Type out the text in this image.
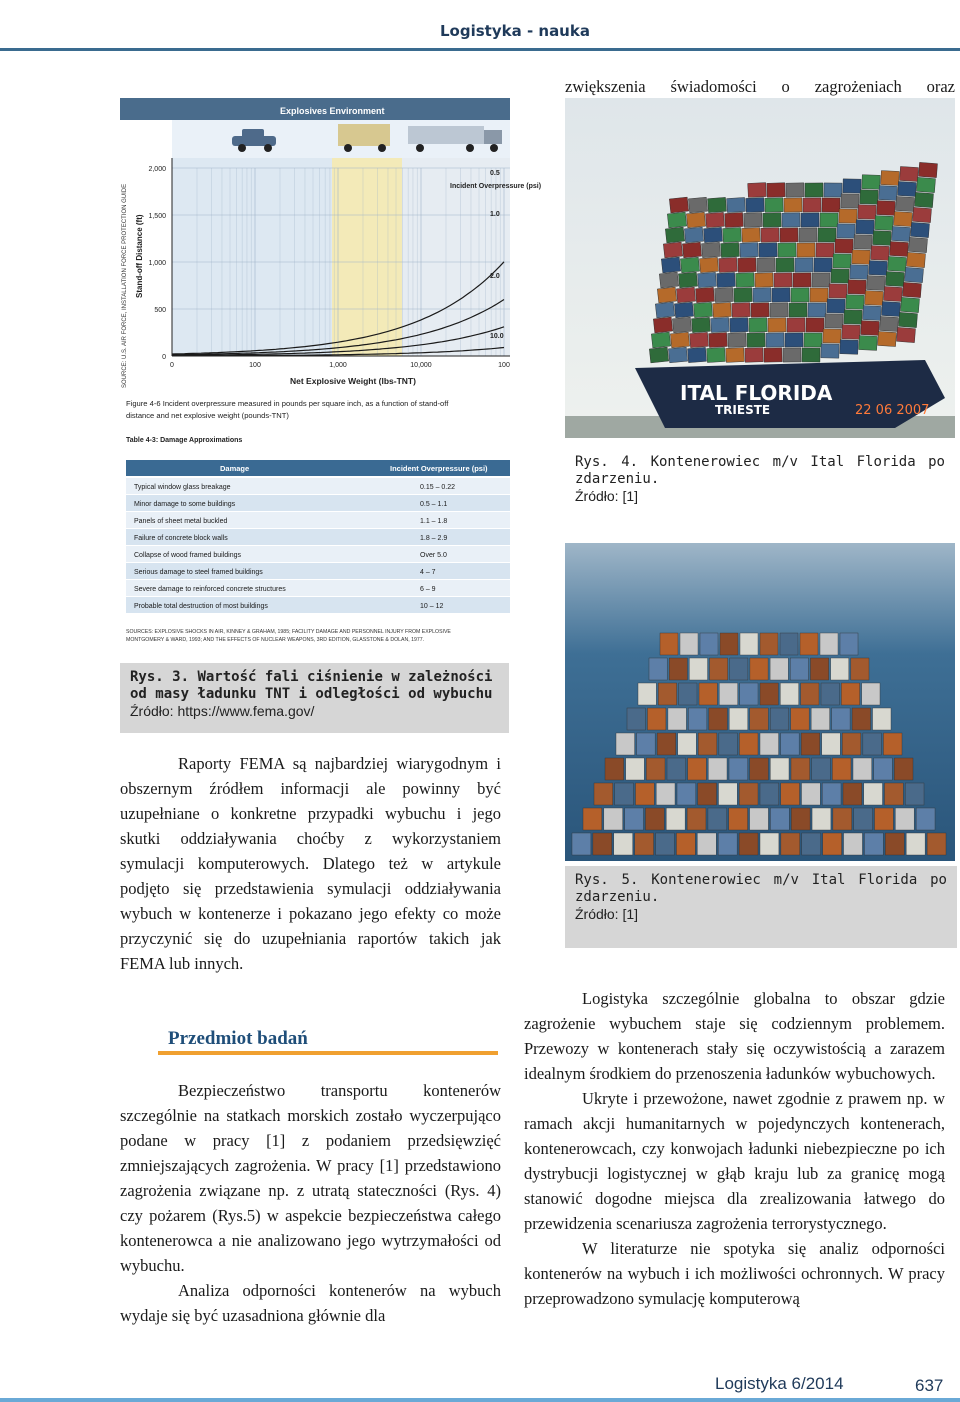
Logistyka - nauka

zwiększenia świadomości o zagrożeniach oraz

Explosives Environment
0
500
1,000
1,500
2,000
0	100	1,000	10,000	100
0.5
1.0
2.0
10.0
Incident Overpressure (psi)
Stand-off Distance (ft)
SOURCE: U.S. AIR FORCE, INSTALLATION FORCE PROTECTION GUIDE	Net Explosive Weight (lbs-TNT)
Figure 4-6 Incident overpressure measured in pounds per square inch, as a function of stand-off
distance and net explosive weight (pounds-TNT)
Table 4-3: Damage Approximations
Damage	Incident Overpressure (psi)
Typical window glass breakage	0.15 – 0.22
Minor damage to some buildings	0.5 – 1.1
Panels of sheet metal buckled	1.1 – 1.8
Failure of concrete block walls	1.8 – 2.9
Collapse of wood framed buildings	Over 5.0
Serious damage to steel framed buildings	4 – 7
Severe damage to reinforced concrete structures	6 – 9
Probable total destruction of most buildings	10 – 12
SOURCES: EXPLOSIVE SHOCKS IN AIR, KINNEY & GRAHAM, 1985; FACILITY DAMAGE AND PERSONNEL INJURY FROM EXPLOSIVE
MONTGOMERY & WARD, 1993; AND THE EFFECTS OF NUCLEAR WEAPONS, 3RD EDITION, GLASSTONE & DOLAN, 1977.
Rys. 3. Wartość fali ciśnienie w zależności od masy ładunku TNT i odległości od wybuchu
Źródło: https://www.fema.gov/
ITAL FLORIDA
TRIESTE	22 06 2007
Rys. 4. Kontenerowiec m/v Ital Florida po zdarzeniu.
Źródło: [1]
Rys. 5. Kontenerowiec m/v Ital Florida po zdarzeniu.
Źródło: [1]

Raporty FEMA są najbardziej wiarygodnym i obszernym źródłem informacji ale powinny być uzupełniane o konkretne przypadki wybuchu i jego skutki oddziaływania choćby z wykorzystaniem symulacji komputerowych. Dlatego też w artykule podjęto się przedstawienia symulacji oddziaływania wybuch w kontenerze i pokazano jego efekty co może przyczynić się do uzupełniania raportów takich jak FEMA lub innych.

Przedmiot badań

Bezpieczeństwo transportu kontenerów szczególnie na statkach morskich zostało wyczerpująco podane w pracy [1] z podaniem przedsięwzięć zmniejszających zagrożenia. W pracy [1] przedstawiono zagrożenia związane np. z utratą stateczności (Rys. 4) czy pożarem (Rys.5) w aspekcie bezpieczeństwa całego kontenerowca a nie analizowano jego wytrzymałości od wybuchu.

Analiza odporności kontenerów na wybuch wydaje się być uzasadniona głównie dla

Logistyka szczególnie globalna to obszar gdzie zagrożenie wybuchem staje się codziennym problemem. Przewozy w kontenerach stały się oczywistością a zarazem idealnym środkiem do przenoszenia ładunków wybuchowych.

Ukryte i przewożone, nawet zgodnie z prawem np. w ramach akcji humanitarnych w pojedynczych kontenerach, kontenerowcach, czy konwojach ładunki niebezpieczne po ich dystrybucji logistycznej w głąb kraju lub za granicę mogą stanowić dogodne miejsca dla zrealizowania łatwego do przewidzenia scenariusza zagrożenia terrorystycznego.

W literaturze nie spotyka się analiz odporności kontenerów na wybuch i ich możliwości ochronnych. W pracy przeprowadzono symulację komputerową

Logistyka 6/2014	637
